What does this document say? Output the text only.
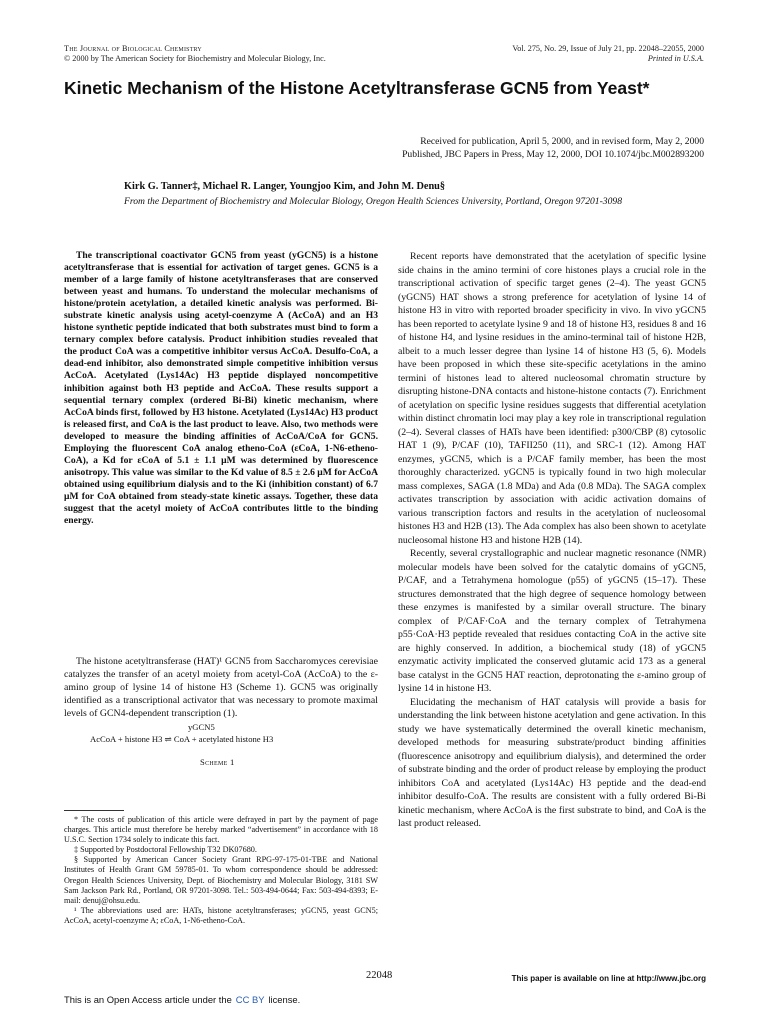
The Journal of Biological Chemistry
© 2000 by The American Society for Biochemistry and Molecular Biology, Inc.
Vol. 275, No. 29, Issue of July 21, pp. 22048–22055, 2000
Printed in U.S.A.
Kinetic Mechanism of the Histone Acetyltransferase GCN5 from Yeast*
Received for publication, April 5, 2000, and in revised form, May 2, 2000
Published, JBC Papers in Press, May 12, 2000, DOI 10.1074/jbc.M002893200
Kirk G. Tanner‡, Michael R. Langer, Youngjoo Kim, and John M. Denu§
From the Department of Biochemistry and Molecular Biology, Oregon Health Sciences University, Portland, Oregon 97201-3098

The transcriptional coactivator GCN5 from yeast (yGCN5) is a histone acetyltransferase that is essential for activation of target genes. GCN5 is a member of a large family of histone acetyltransferases that are conserved between yeast and humans. To understand the molecular mechanisms of histone/protein acetylation, a detailed kinetic analysis was performed. Bi-substrate kinetic analysis using acetyl-coenzyme A (AcCoA) and an H3 histone synthetic peptide indicated that both substrates must bind to form a ternary complex before catalysis. Product inhibition studies revealed that the product CoA was a competitive inhibitor versus AcCoA. Desulfo-CoA, a dead-end inhibitor, also demonstrated simple competitive inhibition versus AcCoA. Acetylated (Lys14Ac) H3 peptide displayed noncompetitive inhibition against both H3 peptide and AcCoA. These results support a sequential ternary complex (ordered Bi-Bi) kinetic mechanism, where AcCoA binds first, followed by H3 histone. Acetylated (Lys14Ac) H3 product is released first, and CoA is the last product to leave. Also, two methods were developed to measure the binding affinities of AcCoA/CoA for GCN5. Employing the fluorescent CoA analog etheno-CoA (εCoA, 1-N6-etheno-CoA), a Kd for εCoA of 5.1 ± 1.1 μM was determined by fluorescence anisotropy. This value was similar to the Kd value of 8.5 ± 2.6 μM for AcCoA obtained using equilibrium dialysis and to the Ki (inhibition constant) of 6.7 μM for CoA obtained from steady-state kinetic assays. Together, these data suggest that the acetyl moiety of AcCoA contributes little to the binding energy.

The histone acetyltransferase (HAT)¹ GCN5 from Saccharomyces cerevisiae catalyzes the transfer of an acetyl moiety from acetyl-CoA (AcCoA) to the ε-amino group of lysine 14 of histone H3 (Scheme 1). GCN5 was originally identified as a transcriptional activator that was necessary to promote maximal levels of GCN4-dependent transcription (1).

yGCN5
AcCoA + histone H3 ⇌ CoA + acetylated histone H3
Scheme 1

* The costs of publication of this article were defrayed in part by the payment of page charges. This article must therefore be hereby marked “advertisement” in accordance with 18 U.S.C. Section 1734 solely to indicate this fact.

‡ Supported by Postdoctoral Fellowship T32 DK07680.

§ Supported by American Cancer Society Grant RPG-97-175-01-TBE and National Institutes of Health Grant GM 59785-01. To whom correspondence should be addressed: Oregon Health Sciences University, Dept. of Biochemistry and Molecular Biology, 3181 SW Sam Jackson Park Rd., Portland, OR 97201-3098. Tel.: 503-494-0644; Fax: 503-494-8393; E-mail: denuj@ohsu.edu.

¹ The abbreviations used are: HATs, histone acetyltransferases; yGCN5, yeast GCN5; AcCoA, acetyl-coenzyme A; εCoA, 1-N6-etheno-CoA.

Recent reports have demonstrated that the acetylation of specific lysine side chains in the amino termini of core histones plays a crucial role in the transcriptional activation of specific target genes (2–4). The yeast GCN5 (yGCN5) HAT shows a strong preference for acetylation of lysine 14 of histone H3 in vitro with reported broader specificity in vivo. In vivo yGCN5 has been reported to acetylate lysine 9 and 18 of histone H3, residues 8 and 16 of histone H4, and lysine residues in the amino-terminal tail of histone H2B, albeit to a much lesser degree than lysine 14 of histone H3 (5, 6). Models have been proposed in which these site-specific acetylations in the amino termini of histones lead to altered nucleosomal chromatin structure by disrupting histone-DNA contacts and histone-histone contacts (7). Enrichment of acetylation on specific lysine residues suggests that differential acetylation within distinct chromatin loci may play a key role in transcriptional regulation (2–4). Several classes of HATs have been identified: p300/CBP (8) cytosolic HAT 1 (9), P/CAF (10), TAFII250 (11), and SRC-1 (12). Among HAT enzymes, yGCN5, which is a P/CAF family member, has been the most thoroughly characterized. yGCN5 is typically found in two high molecular mass complexes, SAGA (1.8 MDa) and Ada (0.8 MDa). The SAGA complex activates transcription by association with acidic activation domains of various transcription factors and results in the acetylation of nucleosomal histones H3 and H2B (13). The Ada complex has also been shown to acetylate nucleosomal histone H3 and histone H2B (14).

Recently, several crystallographic and nuclear magnetic resonance (NMR) molecular models have been solved for the catalytic domains of yGCN5, P/CAF, and a Tetrahymena homologue (p55) of yGCN5 (15–17). These structures demonstrated that the high degree of sequence homology between these enzymes is manifested by a similar overall structure. The binary complex of P/CAF·CoA and the ternary complex of Tetrahymena p55·CoA·H3 peptide revealed that residues contacting CoA in the active site are highly conserved. In addition, a biochemical study (18) of yGCN5 enzymatic activity implicated the conserved glutamic acid 173 as a general base catalyst in the GCN5 HAT reaction, deprotonating the ε-amino group of lysine 14 in histone H3.

Elucidating the mechanism of HAT catalysis will provide a basis for understanding the link between histone acetylation and gene activation. In this study we have systematically determined the overall kinetic mechanism, developed methods for measuring substrate/product binding affinities (fluorescence anisotropy and equilibrium dialysis), and determined the order of substrate binding and the order of product release by employing the product inhibitors CoA and acetylated (Lys14Ac) H3 peptide and the dead-end inhibitor desulfo-CoA. The results are consistent with a fully ordered Bi-Bi kinetic mechanism, where AcCoA is the first substrate to bind, and CoA is the last product released.

22048	This paper is available on line at http://www.jbc.org
This is an Open Access article under the CC BY license.
